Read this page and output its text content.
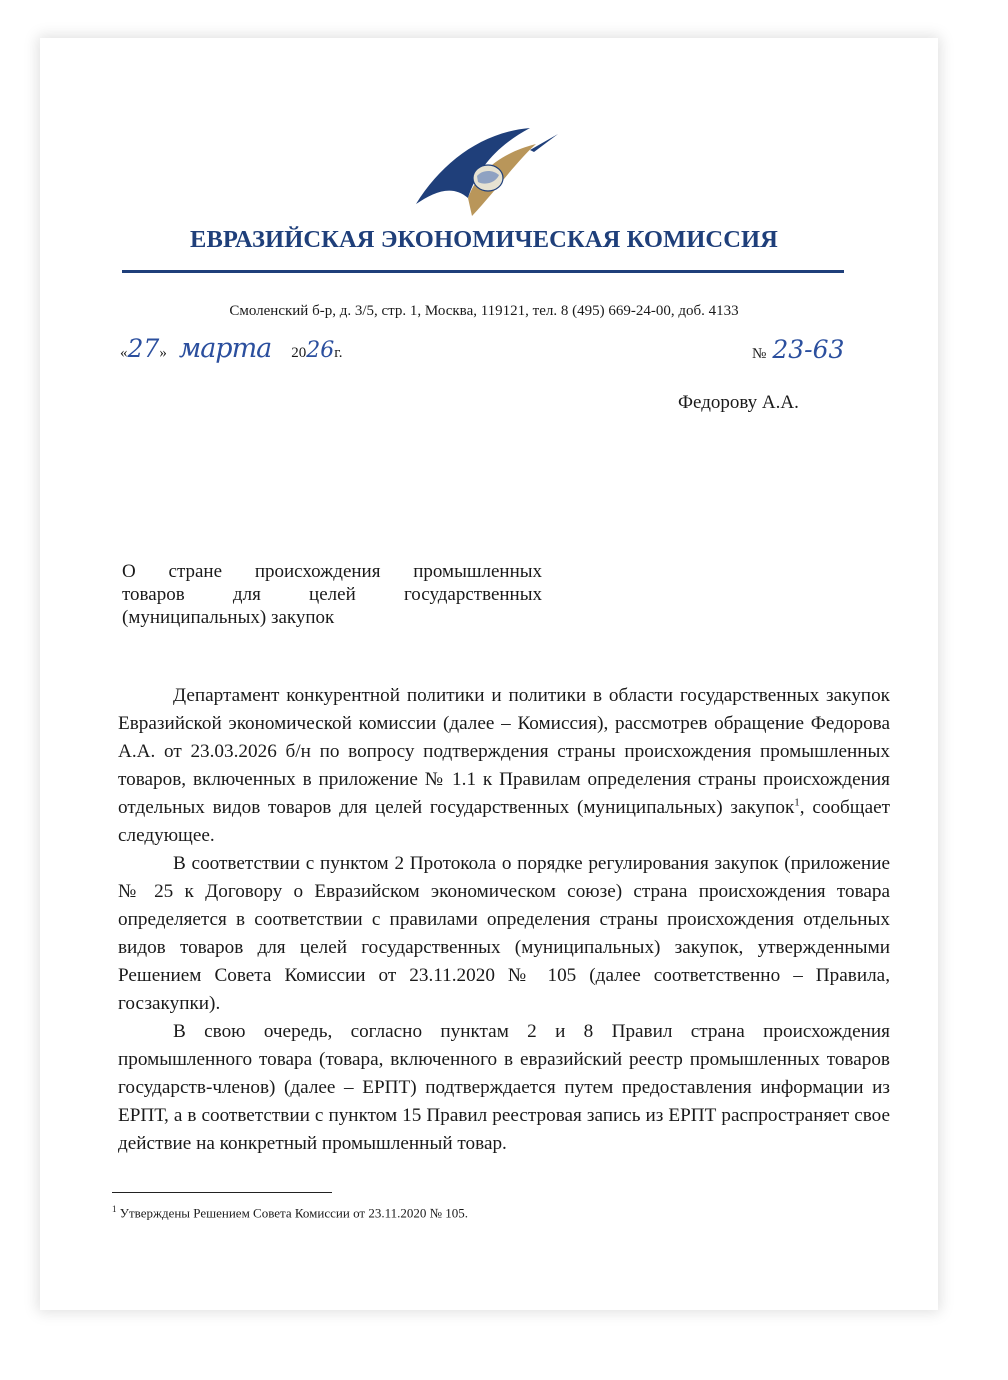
ЕВРАЗИЙСКАЯ ЭКОНОМИЧЕСКАЯ КОМИССИЯ
Смоленский б-р, д. 3/5, стр. 1, Москва, 119121, тел. 8 (495) 669-24-00, доб. 4133
«27» марта 2026г.	№ 23-63
Федорову А.А.
О стране происхождения промышленных
товаров для целей государственных
(муниципальных) закупок

Департамент конкурентной политики и политики в области государственных закупок Евразийской экономической комиссии (далее – Комиссия), рассмотрев обращение Федорова А.А. от 23.03.2026 б/н по вопросу подтверждения страны происхождения промышленных товаров, включенных в приложение № 1.1 к Правилам определения страны происхождения отдельных видов товаров для целей государственных (муниципальных) закупок$^1$, сообщает следующее.

В соответствии с пунктом 2 Протокола о порядке регулирования закупок (приложение № 25 к Договору о Евразийском экономическом союзе) страна происхождения товара определяется в соответствии с правилами определения страны происхождения отдельных видов товаров для целей государственных (муниципальных) закупок, утвержденными Решением Совета Комиссии от 23.11.2020 № 105 (далее соответственно – Правила, госзакупки).

В свою очередь, согласно пунктам 2 и 8 Правил страна происхождения промышленного товара (товара, включенного в евразийский реестр промышленных товаров государств-членов) (далее – ЕРПТ) подтверждается путем предоставления информации из ЕРПТ, а в соответствии с пунктом 15 Правил реестровая запись из ЕРПТ распространяет свое действие на конкретный промышленный товар.

$^1$ Утверждены Решением Совета Комиссии от 23.11.2020 № 105.
